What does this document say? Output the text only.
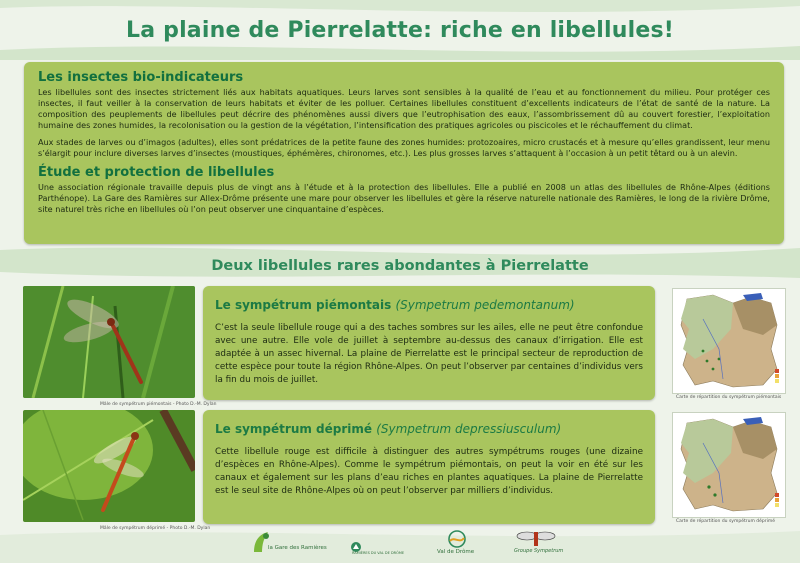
La plaine de Pierrelatte: riche en libellules!
Les insectes bio-indicateurs

Les libellules sont des insectes strictement liés aux habitats aquatiques. Leurs larves sont sensibles à la qualité de l’eau et au fonctionnement du milieu. Pour protéger ces insectes, il faut veiller à la conservation de leurs habitats et éviter de les polluer. Certaines libellules constituent d’excellents indicateurs de l’état de santé de la nature. La composition des peuplements de libellules peut décrire des phénomènes aussi divers que l’eutrophisation des eaux, l’assombrissement dû au couvert forestier, l’exploitation humaine des zones humides, la recolonisation ou la gestion de la végétation, l’intensification des pratiques agricoles ou piscicoles et le réchauffement du climat.

Aux stades de larves ou d’imagos (adultes), elles sont prédatrices de la petite faune des zones humides: protozoaires, micro crustacés et à mesure qu’elles grandissent, leur menu s’élargit pour inclure diverses larves d’insectes (moustiques, éphémères, chironomes, etc.). Les plus grosses larves s’attaquent à l’occasion à un petit têtard ou à un alevin.

Étude et protection de libellules

Une association régionale travaille depuis plus de vingt ans à l’étude et à la protection des libellules. Elle a publié en 2008 un atlas des libellules de Rhône-Alpes (éditions Parthénope). La Gare des Ramières sur Allex-Drôme présente une mare pour observer les libellules et gère la réserve naturelle nationale des Ramières, le long de la rivière Drôme, site naturel très riche en libellules où l’on peut observer une cinquantaine d’espèces.

Deux libellules rares abondantes à Pierrelatte
Mâle de sympétrum piémontais - Photo D.-M. Dylan
Le sympétrum piémontais (Sympetrum pedemontanum)

C’est la seule libellule rouge qui a des taches sombres sur les ailes, elle ne peut être confondue avec une autre. Elle vole de juillet à septembre au-dessus des canaux d’irrigation. Elle est adaptée à un assec hivernal. La plaine de Pierrelatte est le principal secteur de reproduction de cette espèce pour toute la région Rhône-Alpes. On peut l’observer par centaines d’individus vers la fin du mois de juillet.

Carte de répartition du sympétrum piémontais
Mâle de sympétrum déprimé - Photo D.-M. Dylan
Le sympétrum déprimé (Sympetrum depressiusculum)

Cette libellule rouge est difficile à distinguer des autres sympétrums rouges (une dizaine d’espèces en Rhône-Alpes). Comme le sympétrum piémontais, on peut la voir en été sur les canaux et également sur les plans d’eau riches en plantes aquatiques. La plaine de Pierrelatte est le seul site de Rhône-Alpes où on peut l’observer par milliers d’individus.

Carte de répartition du sympétrum déprimé
la Gare des Ramières
RAMIÈRES DU VAL DE DRÔME	Val de Drôme	Groupe Sympetrum
